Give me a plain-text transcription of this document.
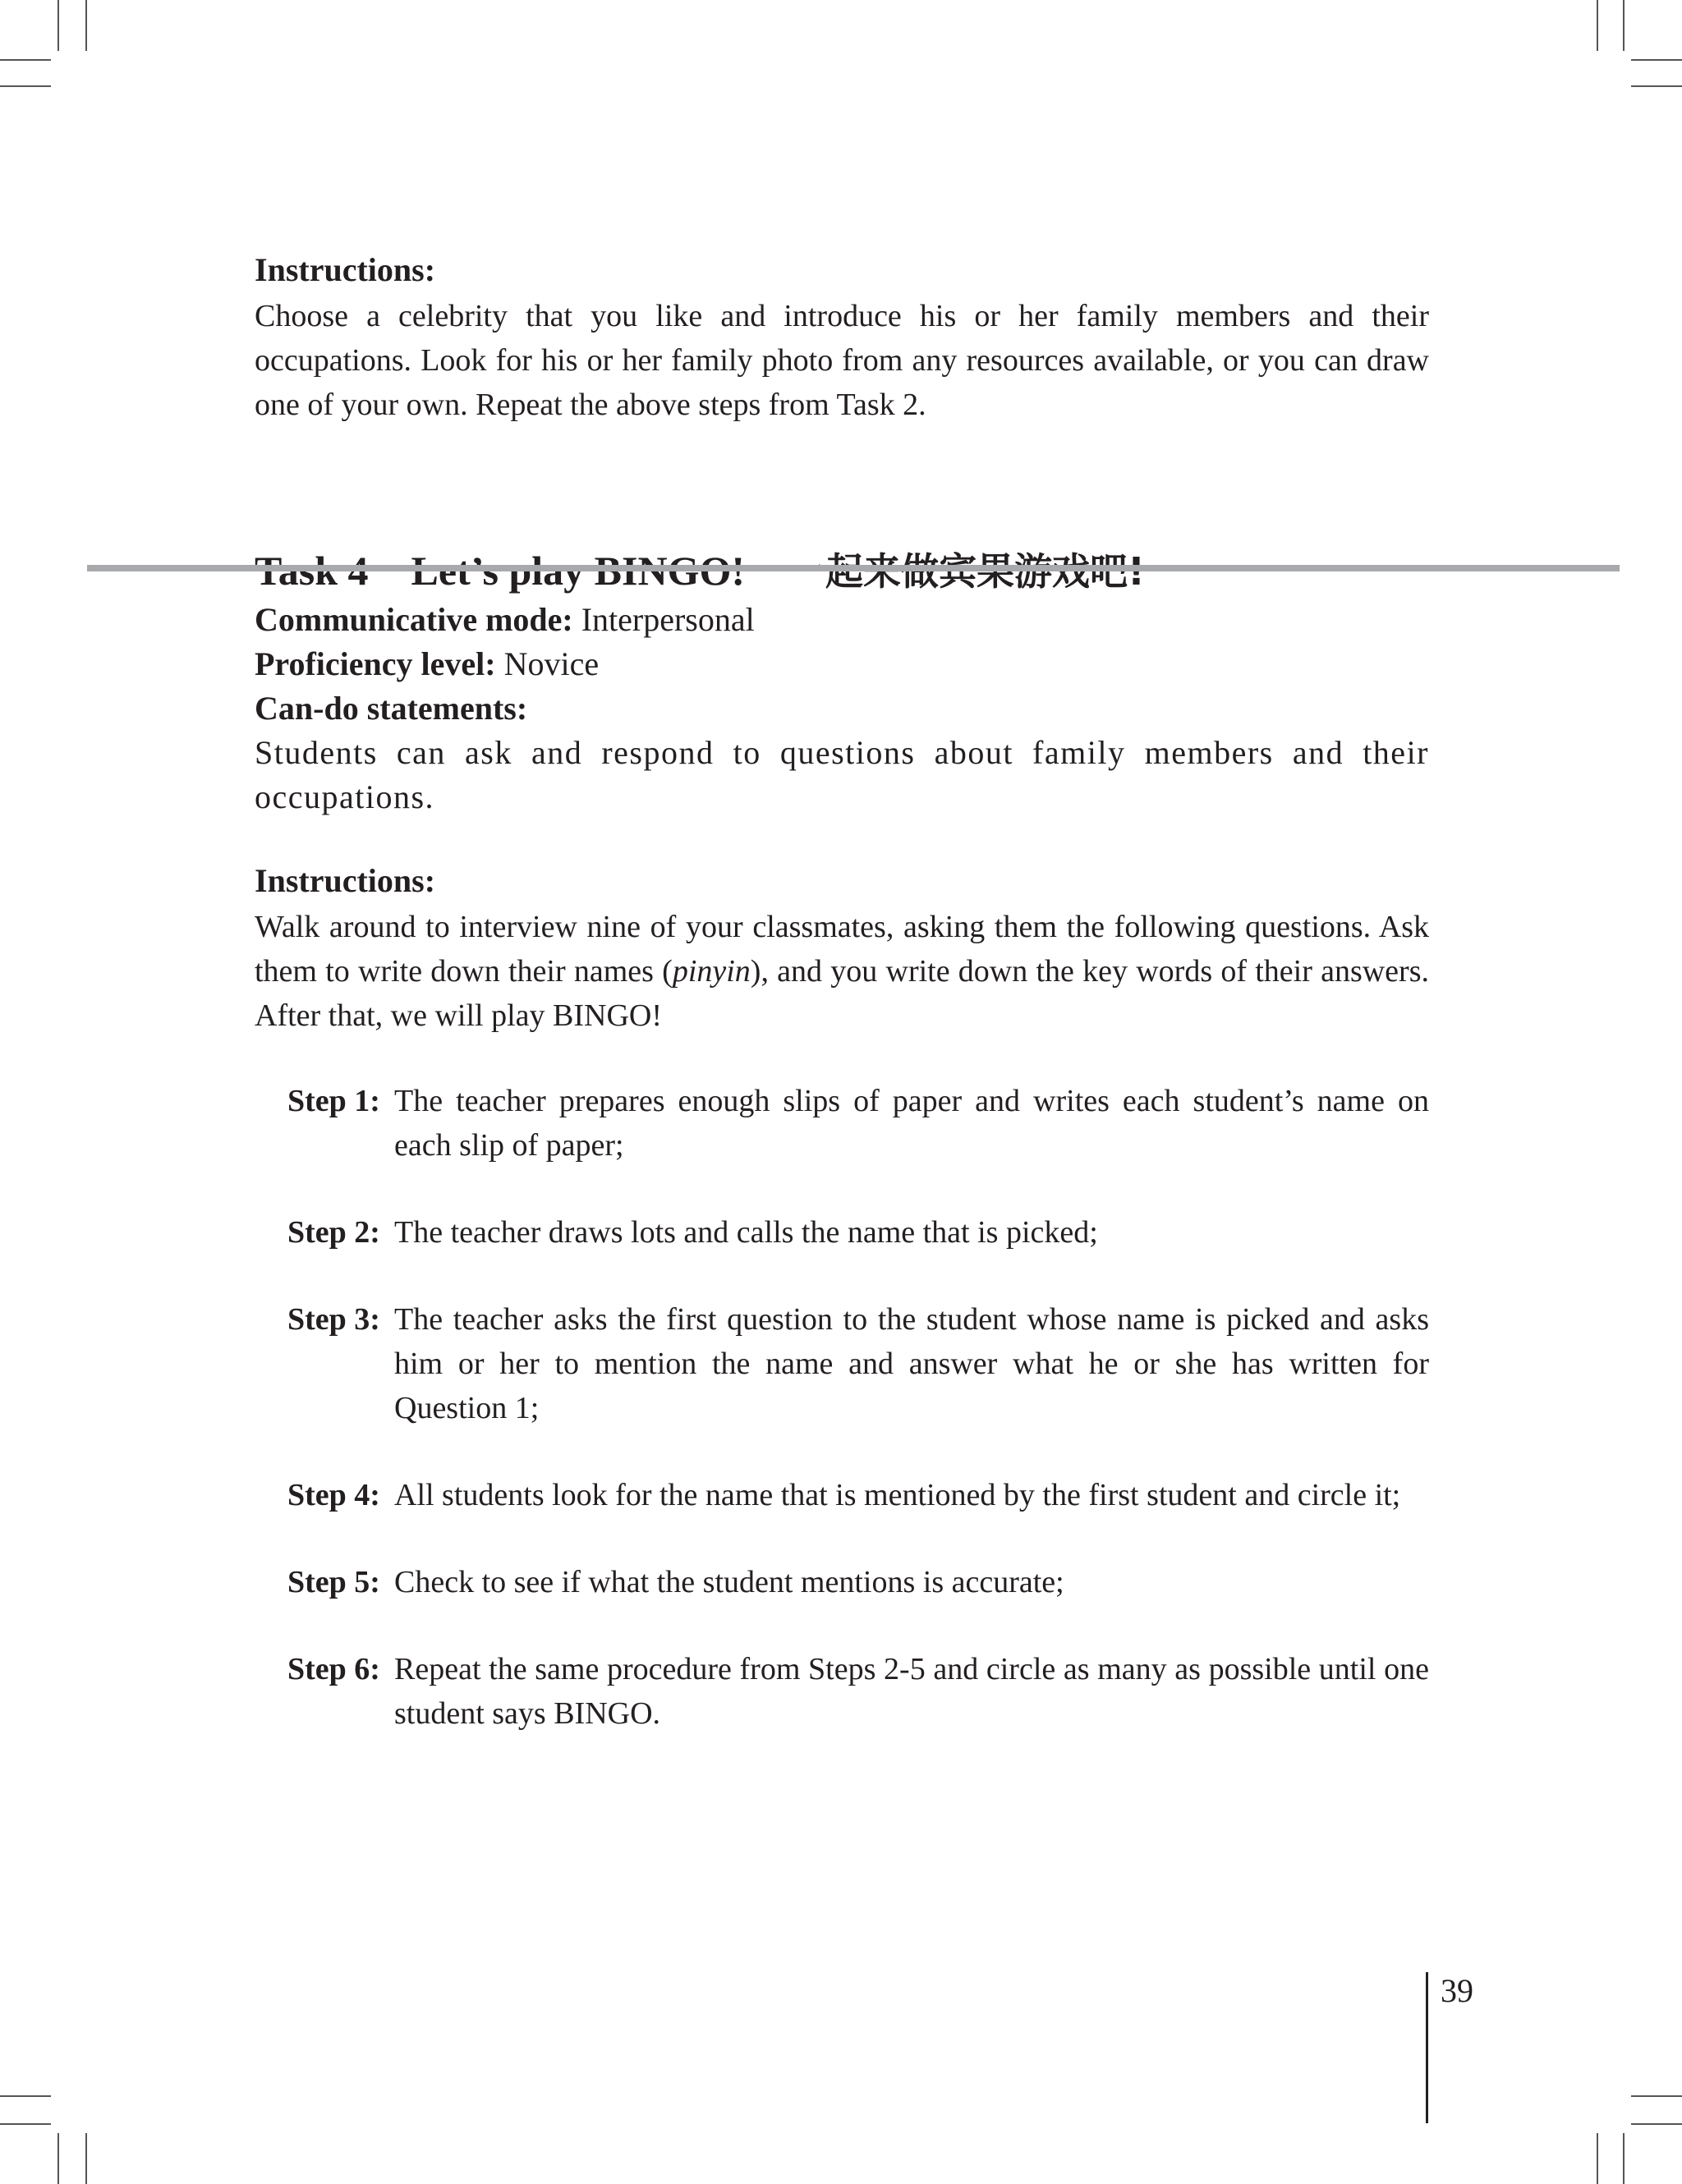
Instructions:

Choose a celebrity that you like and introduce his or her family members and their occupations. Look for his or her family photo from any resources available, or you can draw one of your own. Repeat the above steps from Task 2.

Communicative mode: Interpersonal

Proficiency level: Novice

Can-do statements:

Students can ask and respond to questions about family members and their occupations.

Instructions:

Walk around to interview nine of your classmates, asking them the following questions. Ask them to write down their names (pinyin), and you write down the key words of their answers. After that, we will play BINGO!

Step 1: The teacher prepares enough slips of paper and writes each student’s name on each slip of paper;
Step 2: The teacher draws lots and calls the name that is picked;
Step 3: The teacher asks the first question to the student whose name is picked and asks him or her to mention the name and answer what he or she has written for Question 1;
Step 4: All students look for the name that is mentioned by the first student and circle it;
Step 5: Check to see if what the student mentions is accurate;
Step 6: Repeat the same procedure from Steps 2-5 and circle as many as possible until one student says BINGO.
39
